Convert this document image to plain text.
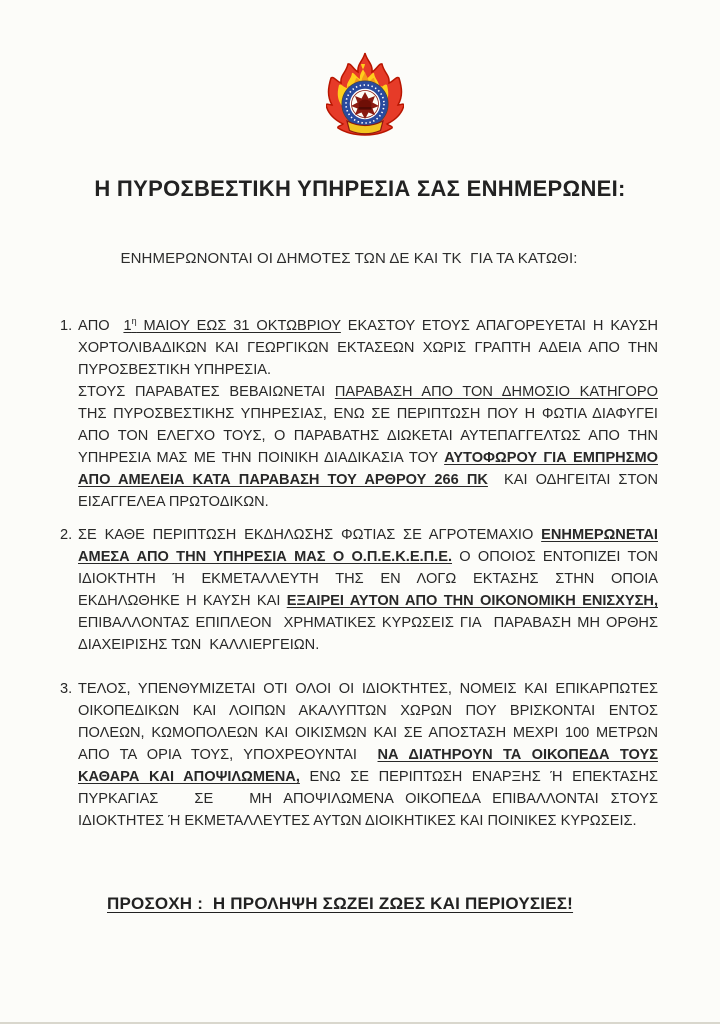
Η ΠΥΡΟΣΒΕΣΤΙΚΗ ΥΠΗΡΕΣΙΑ ΣΑΣ ΕΝΗΜΕΡΩΝΕΙ:
ΕΝΗΜΕΡΩΝΟΝΤΑΙ ΟΙ ΔΗΜΟΤΕΣ ΤΩΝ ΔΕ ΚΑΙ ΤΚ  ΓΙΑ ΤΑ ΚΑΤΩΘΙ:
1. ΑΠΟ  $1^\eta$ ΜΑΙΟΥ ΕΩΣ 31 ΟΚΤΩΒΡΙΟΥ ΕΚΑΣΤΟΥ ΕΤΟΥΣ ΑΠΑΓΟΡΕΥΕΤΑΙ Η ΚΑΥΣΗ
ΧΟΡΤΟΛΙΒΑΔΙΚΩΝ ΚΑΙ ΓΕΩΡΓΙΚΩΝ ΕΚΤΑΣΕΩΝ ΧΩΡΙΣ ΓΡΑΠΤΗ ΑΔΕΙΑ ΑΠΟ ΤΗΝ
ΠΥΡΟΣΒΕΣΤΙΚΗ ΥΠΗΡΕΣΙΑ.
ΣΤΟΥΣ ΠΑΡΑΒΑΤΕΣ ΒΕΒΑΙΩΝΕΤΑΙ ΠΑΡΑΒΑΣΗ ΑΠΟ ΤΟΝ ΔΗΜΟΣΙΟ ΚΑΤΗΓΟΡΟ
ΤΗΣ ΠΥΡΟΣΒΕΣΤΙΚΗΣ ΥΠΗΡΕΣΙΑΣ, ΕΝΩ ΣΕ ΠΕΡΙΠΤΩΣΗ ΠΟΥ Η ΦΩΤΙΑ ΔΙΑΦΥΓΕΙ
ΑΠΟ ΤΟΝ ΕΛΕΓΧΟ ΤΟΥΣ, Ο ΠΑΡΑΒΑΤΗΣ ΔΙΩΚΕΤΑΙ ΑΥΤΕΠΑΓΓΕΛΤΩΣ ΑΠΟ ΤΗΝ
ΥΠΗΡΕΣΙΑ ΜΑΣ ΜΕ ΤΗΝ ΠΟΙΝΙΚΗ ΔΙΑΔΙΚΑΣΙΑ ΤΟΥ ΑΥΤΟΦΩΡΟΥ ΓΙΑ ΕΜΠΡΗΣΜΟ
ΑΠΟ ΑΜΕΛΕΙΑ ΚΑΤΑ ΠΑΡΑΒΑΣΗ ΤΟΥ ΑΡΘΡΟΥ 266 ΠΚ  ΚΑΙ ΟΔΗΓΕΙΤΑΙ ΣΤΟΝ
ΕΙΣΑΓΓΕΛΕΑ ΠΡΩΤΟΔΙΚΩΝ.
2. ΣΕ ΚΑΘΕ ΠΕΡΙΠΤΩΣΗ ΕΚΔΗΛΩΣΗΣ ΦΩΤΙΑΣ ΣΕ ΑΓΡΟΤΕΜΑΧΙΟ ΕΝΗΜΕΡΩΝΕΤΑΙ
ΑΜΕΣΑ ΑΠΟ ΤΗΝ ΥΠΗΡΕΣΙΑ ΜΑΣ Ο Ο.Π.Ε.Κ.Ε.Π.Ε. Ο ΟΠΟΙΟΣ ΕΝΤΟΠΙΖΕΙ ΤΟΝ
ΙΔΙΟΚΤΗΤΗ Ή ΕΚΜΕΤΑΛΛΕΥΤΗ ΤΗΣ ΕΝ ΛΟΓΩ ΕΚΤΑΣΗΣ ΣΤΗΝ ΟΠΟΙΑ
ΕΚΔΗΛΩΘΗΚΕ Η ΚΑΥΣΗ ΚΑΙ ΕΞΑΙΡΕΙ ΑΥΤΟΝ ΑΠΟ ΤΗΝ ΟΙΚΟΝΟΜΙΚΗ ΕΝΙΣΧΥΣΗ,
ΕΠΙΒΑΛΛΟΝΤΑΣ ΕΠΙΠΛΕΟΝ  ΧΡΗΜΑΤΙΚΕΣ ΚΥΡΩΣΕΙΣ ΓΙΑ  ΠΑΡΑΒΑΣΗ ΜΗ ΟΡΘΗΣ
ΔΙΑΧΕΙΡΙΣΗΣ ΤΩΝ  ΚΑΛΛΙΕΡΓΕΙΩΝ.
3. ΤΕΛΟΣ, ΥΠΕΝΘΥΜΙΖΕΤΑΙ ΟΤΙ ΟΛΟΙ ΟΙ ΙΔΙΟΚΤΗΤΕΣ, ΝΟΜΕΙΣ ΚΑΙ ΕΠΙΚΑΡΠΩΤΕΣ
ΟΙΚΟΠΕΔΙΚΩΝ ΚΑΙ ΛΟΙΠΩΝ ΑΚΑΛΥΠΤΩΝ ΧΩΡΩΝ ΠΟΥ ΒΡΙΣΚΟΝΤΑΙ ΕΝΤΟΣ
ΠΟΛΕΩΝ, ΚΩΜΟΠΟΛΕΩΝ ΚΑΙ ΟΙΚΙΣΜΩΝ ΚΑΙ ΣΕ ΑΠΟΣΤΑΣΗ ΜΕΧΡΙ 100 ΜΕΤΡΩΝ
ΑΠΟ ΤΑ ΟΡΙΑ ΤΟΥΣ, ΥΠΟΧΡΕΟΥΝΤΑΙ  ΝΑ ΔΙΑΤΗΡΟΥΝ ΤΑ ΟΙΚΟΠΕΔΑ ΤΟΥΣ
ΚΑΘΑΡΑ ΚΑΙ ΑΠΟΨΙΛΩΜΕΝΑ, ΕΝΩ ΣΕ ΠΕΡΙΠΤΩΣΗ ΕΝΑΡΞΗΣ Ή ΕΠΕΚΤΑΣΗΣ
ΠΥΡΚΑΓΙΑΣ   ΣΕ   ΜΗ ΑΠΟΨΙΛΩΜΕΝΑ ΟΙΚΟΠΕΔΑ ΕΠΙΒΑΛΛΟΝΤΑΙ ΣΤΟΥΣ
ΙΔΙΟΚΤΗΤΕΣ Ή ΕΚΜΕΤΑΛΛΕΥΤΕΣ ΑΥΤΩΝ ΔΙΟΙΚΗΤΙΚΕΣ ΚΑΙ ΠΟΙΝΙΚΕΣ ΚΥΡΩΣΕΙΣ.
ΠΡΟΣΟΧΗ :  Η ΠΡΟΛΗΨΗ ΣΩΖΕΙ ΖΩΕΣ ΚΑΙ ΠΕΡΙΟΥΣΙΕΣ!
